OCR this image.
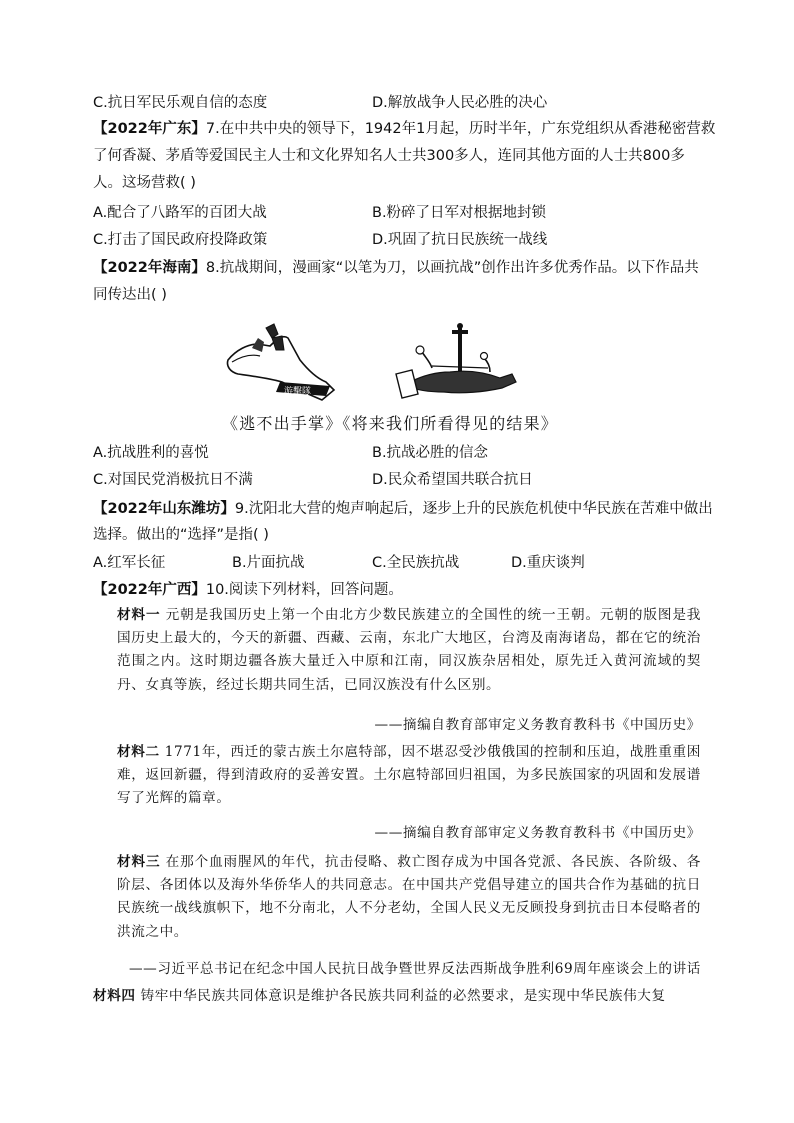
C.抗日军民乐观自信的态度	D.解放战争人民必胜的决心
【2022年广东】7.在中共中央的领导下，1942年1月起，历时半年，广东党组织从香港秘密营救
了何香凝、茅盾等爱国民主人士和文化界知名人士共300多人，连同其他方面的人士共800多
人。这场营救( )
A.配合了八路军的百团大战	B.粉碎了日军对根据地封锁
C.打击了国民政府投降政策	D.巩固了抗日民族统一战线
【2022年海南】8.抗战期间，漫画家“以笔为刀，以画抗战”创作出许多优秀作品。以下作品共
同传达出( )
游擊隊
《逃不出手掌》《将来我们所看得见的结果》
A.抗战胜利的喜悦	B.抗战必胜的信念
C.对国民党消极抗日不满	D.民众希望国共联合抗日
【2022年山东潍坊】9.沈阳北大营的炮声响起后，逐步上升的民族危机使中华民族在苦难中做出
选择。做出的“选择”是指( )
A.红军长征	B.片面抗战	C.全民族抗战	D.重庆谈判
【2022年广西】10.阅读下列材料，回答问题。
材料一 元朝是我国历史上第一个由北方少数民族建立的全国性的统一王朝。元朝的版图是我国历史上最大的，今天的新疆、西藏、云南，东北广大地区，台湾及南海诸岛，都在它的统治范围之内。这时期边疆各族大量迁入中原和江南，同汉族杂居相处，原先迁入黄河流域的契丹、女真等族，经过长期共同生活，已同汉族没有什么区别。
——摘编自教育部审定义务教育教科书《中国历史》
材料二 1771年，西迁的蒙古族土尔扈特部，因不堪忍受沙俄俄国的控制和压迫，战胜重重困难，返回新疆，得到清政府的妥善安置。土尔扈特部回归祖国，为多民族国家的巩固和发展谱写了光辉的篇章。
——摘编自教育部审定义务教育教科书《中国历史》
材料三 在那个血雨腥风的年代，抗击侵略、救亡图存成为中国各党派、各民族、各阶级、各阶层、各团体以及海外华侨华人的共同意志。在中国共产党倡导建立的国共合作为基础的抗日民族统一战线旗帜下，地不分南北，人不分老幼，全国人民义无反顾投身到抗击日本侵略者的洪流之中。
——习近平总书记在纪念中国人民抗日战争暨世界反法西斯战争胜利69周年座谈会上的讲话
材料四 铸牢中华民族共同体意识是维护各民族共同利益的必然要求，是实现中华民族伟大复
